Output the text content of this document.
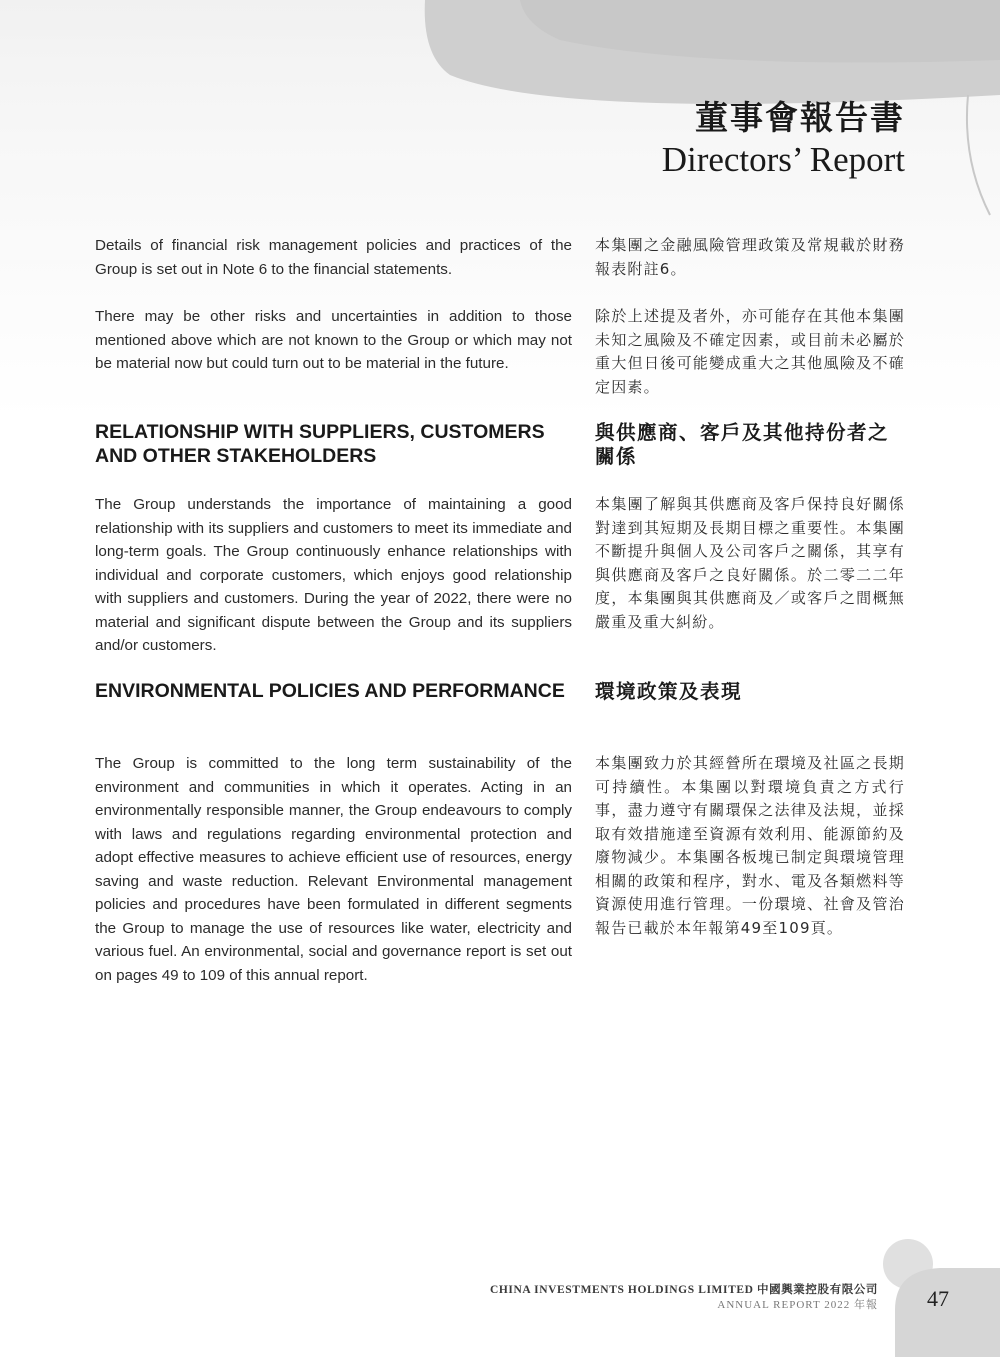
董事會報告書
Directors’ Report

Details of financial risk management policies and practices of the Group is set out in Note 6 to the financial statements.

本集團之金融風險管理政策及常規載於財務報表附註6。

There may be other risks and uncertainties in addition to those mentioned above which are not known to the Group or which may not be material now but could turn out to be material in the future.

除於上述提及者外，亦可能存在其他本集團未知之風險及不確定因素，或目前未必屬於重大但日後可能變成重大之其他風險及不確定因素。

RELATIONSHIP WITH SUPPLIERS, CUSTOMERS AND OTHER STAKEHOLDERS
與供應商、客戶及其他持份者之關係

The Group understands the importance of maintaining a good relationship with its suppliers and customers to meet its immediate and long-term goals. The Group continuously enhance relationships with individual and corporate customers, which enjoys good relationship with suppliers and customers. During the year of 2022, there were no material and significant dispute between the Group and its suppliers and/or customers.

本集團了解與其供應商及客戶保持良好關係對達到其短期及長期目標之重要性。本集團不斷提升與個人及公司客戶之關係，其享有與供應商及客戶之良好關係。於二零二二年度，本集團與其供應商及／或客戶之間概無嚴重及重大糾紛。

ENVIRONMENTAL POLICIES AND PERFORMANCE	環境政策及表現

The Group is committed to the long term sustainability of the environment and communities in which it operates. Acting in an environmentally responsible manner, the Group endeavours to comply with laws and regulations regarding environmental protection and adopt effective measures to achieve efficient use of resources, energy saving and waste reduction. Relevant Environmental management policies and procedures have been formulated in different segments the Group to manage the use of resources like water, electricity and various fuel. An environmental, social and governance report is set out on pages 49 to 109 of this annual report.

本集團致力於其經營所在環境及社區之長期可持續性。本集團以對環境負責之方式行事，盡力遵守有關環保之法律及法規，並採取有效措施達至資源有效利用、能源節約及廢物減少。本集團各板塊已制定與環境管理相關的政策和程序，對水、電及各類燃料等資源使用進行管理。一份環境、社會及管治報告已載於本年報第49至109頁。

CHINA INVESTMENTS HOLDINGS LIMITED 中國興業控股有限公司
ANNUAL REPORT 2022 年報 47
